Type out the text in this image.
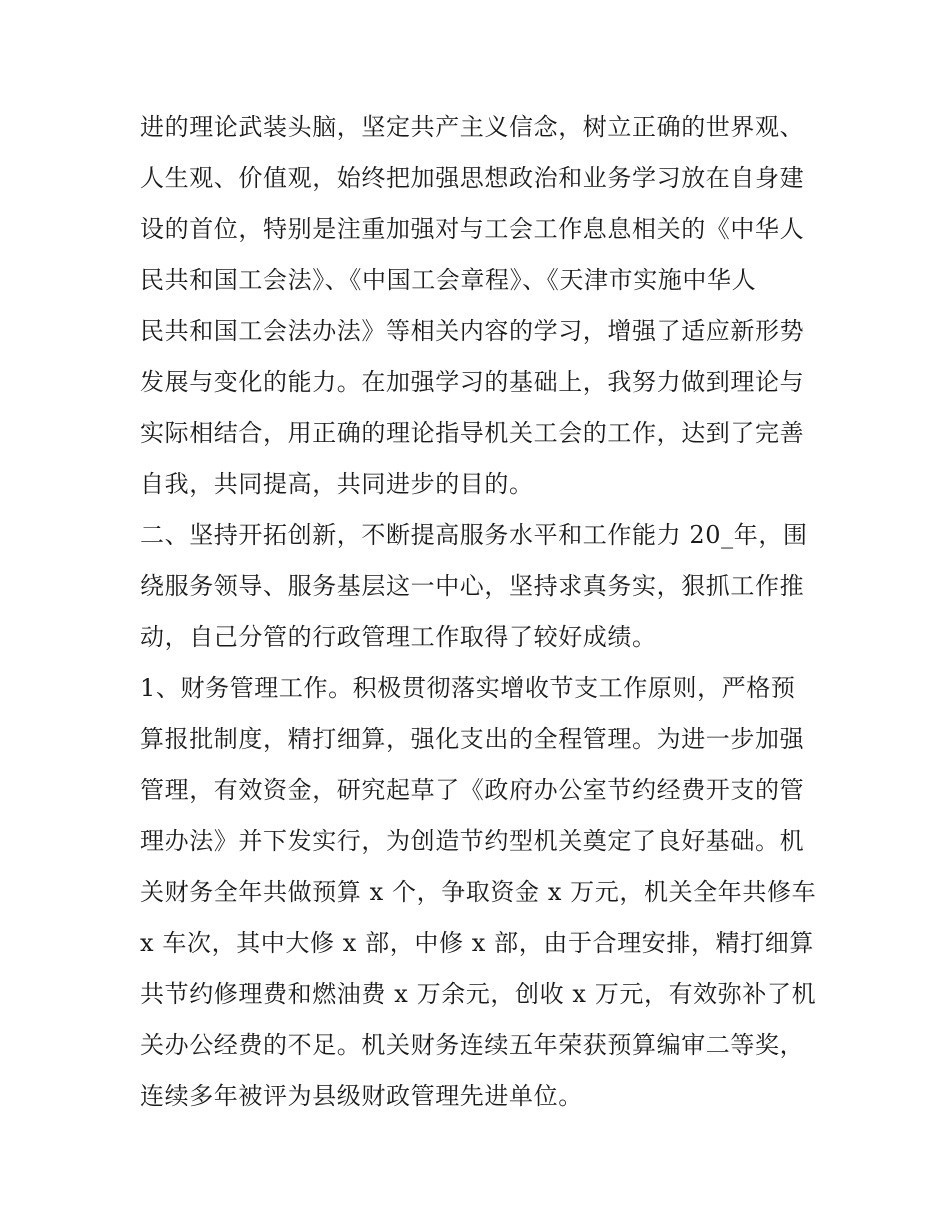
进的理论武装头脑，坚定共产主义信念，树立正确的世界观、
人生观、价值观，始终把加强思想政治和业务学习放在自身建
设的首位，特别是注重加强对与工会工作息息相关的《中华人
民共和国工会法》、《中国工会章程》、《天津市实施中华人
民共和国工会法办法》等相关内容的学习，增强了适应新形势
发展与变化的能力。在加强学习的基础上，我努力做到理论与
实际相结合，用正确的理论指导机关工会的工作，达到了完善
自我，共同提高，共同进步的目的。
二、坚持开拓创新，不断提高服务水平和工作能力 20_年，围
绕服务领导、服务基层这一中心，坚持求真务实，狠抓工作推
动，自己分管的行政管理工作取得了较好成绩。
1、财务管理工作。积极贯彻落实增收节支工作原则，严格预
算报批制度，精打细算，强化支出的全程管理。为进一步加强
管理，有效资金，研究起草了《政府办公室节约经费开支的管
理办法》并下发实行，为创造节约型机关奠定了良好基础。机
关财务全年共做预算 x 个，争取资金 x 万元，机关全年共修车
x 车次，其中大修 x 部，中修 x 部，由于合理安排，精打细算
共节约修理费和燃油费 x 万余元，创收 x 万元，有效弥补了机
关办公经费的不足。机关财务连续五年荣获预算编审二等奖，
连续多年被评为县级财政管理先进单位。
